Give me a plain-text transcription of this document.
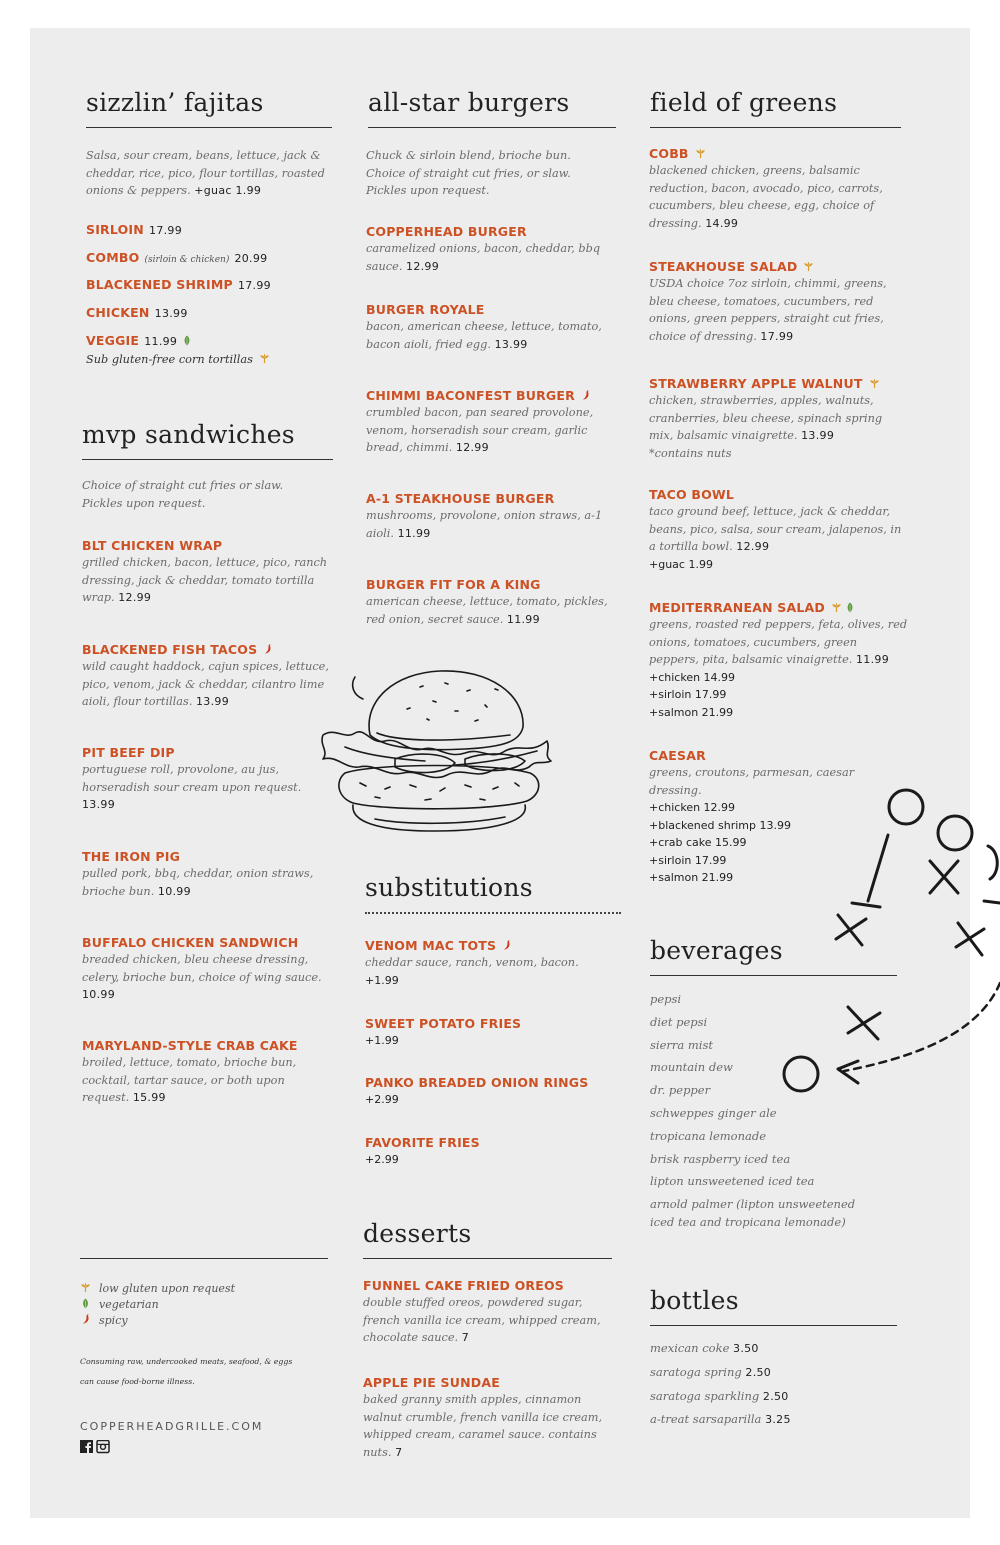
sizzlin’ fajitas
Salsa, sour cream, beans, lettuce, jack & cheddar, rice, pico, flour tortillas, roasted onions & peppers. +guac 1.99
SIRLOIN 17.99
COMBO (sirloin & chicken) 20.99
BLACKENED SHRIMP 17.99
CHICKEN 13.99
VEGGIE 11.99
Sub gluten-free corn tortillas
mvp sandwiches
Choice of straight cut fries or slaw. Pickles upon request.
BLT CHICKEN WRAP
grilled chicken, bacon, lettuce, pico, ranch dressing, jack & cheddar, tomato tortilla wrap. 12.99
BLACKENED FISH TACOS
wild caught haddock, cajun spices, lettuce, pico, venom, jack & cheddar, cilantro lime aioli, flour tortillas. 13.99
PIT BEEF DIP
portuguese roll, provolone, au jus, horseradish sour cream upon request. 13.99
THE IRON PIG
pulled pork, bbq, cheddar, onion straws, brioche bun. 10.99
BUFFALO CHICKEN SANDWICH
breaded chicken, bleu cheese dressing, celery, brioche bun, choice of wing sauce. 10.99
MARYLAND-STYLE CRAB CAKE
broiled, lettuce, tomato, brioche bun, cocktail, tartar sauce, or both upon request. 15.99
low gluten upon request
vegetarian
spicy
Consuming raw, undercooked meats, seafood, & eggs
can cause food-borne illness.
COPPERHEADGRILLE.COM
all-star burgers
Chuck & sirloin blend, brioche bun. Choice of straight cut fries, or slaw. Pickles upon request.
COPPERHEAD BURGER
caramelized onions, bacon, cheddar, bbq sauce. 12.99
BURGER ROYALE
bacon, american cheese, lettuce, tomato, bacon aioli, fried egg. 13.99
CHIMMI BACONFEST BURGER
crumbled bacon, pan seared provolone, venom, horseradish sour cream, garlic bread, chimmi. 12.99
A-1 STEAKHOUSE BURGER
mushrooms, provolone, onion straws, a-1 aioli. 11.99
BURGER FIT FOR A KING
american cheese, lettuce, tomato, pickles, red onion, secret sauce. 11.99
substitutions
VENOM MAC TOTS
cheddar sauce, ranch, venom, bacon.
+1.99
SWEET POTATO FRIES
+1.99
PANKO BREADED ONION RINGS
+2.99
FAVORITE FRIES
+2.99
desserts
FUNNEL CAKE FRIED OREOS
double stuffed oreos, powdered sugar, french vanilla ice cream, whipped cream, chocolate sauce. 7
APPLE PIE SUNDAE
baked granny smith apples, cinnamon walnut crumble, french vanilla ice cream, whipped cream, caramel sauce. contains nuts. 7
field of greens
COBB
blackened chicken, greens, balsamic reduction, bacon, avocado, pico, carrots, cucumbers, bleu cheese, egg, choice of dressing. 14.99
STEAKHOUSE SALAD
USDA choice 7oz sirloin, chimmi, greens, bleu cheese, tomatoes, cucumbers, red onions, green peppers, straight cut fries, choice of dressing. 17.99
STRAWBERRY APPLE WALNUT
chicken, strawberries, apples, walnuts, cranberries, bleu cheese, spinach spring mix, balsamic vinaigrette. 13.99
*contains nuts
TACO BOWL
taco ground beef, lettuce, jack & cheddar, beans, pico, salsa, sour cream, jalapenos, in a tortilla bowl. 12.99
+guac 1.99
MEDITERRANEAN SALAD
greens, roasted red peppers, feta, olives, red onions, tomatoes, cucumbers, green peppers, pita, balsamic vinaigrette. 11.99
+chicken 14.99
+sirloin 17.99
+salmon 21.99
CAESAR
greens, croutons, parmesan, caesar dressing.
+chicken 12.99
+blackened shrimp 13.99
+crab cake 15.99
+sirloin 17.99
+salmon 21.99
beverages
pepsi
diet pepsi
sierra mist
mountain dew
dr. pepper
schweppes ginger ale
tropicana lemonade
brisk raspberry iced tea
lipton unsweetened iced tea
arnold palmer (lipton unsweetened
iced tea and tropicana lemonade)
bottles
mexican coke 3.50
saratoga spring 2.50
saratoga sparkling 2.50
a-treat sarsaparilla 3.25
